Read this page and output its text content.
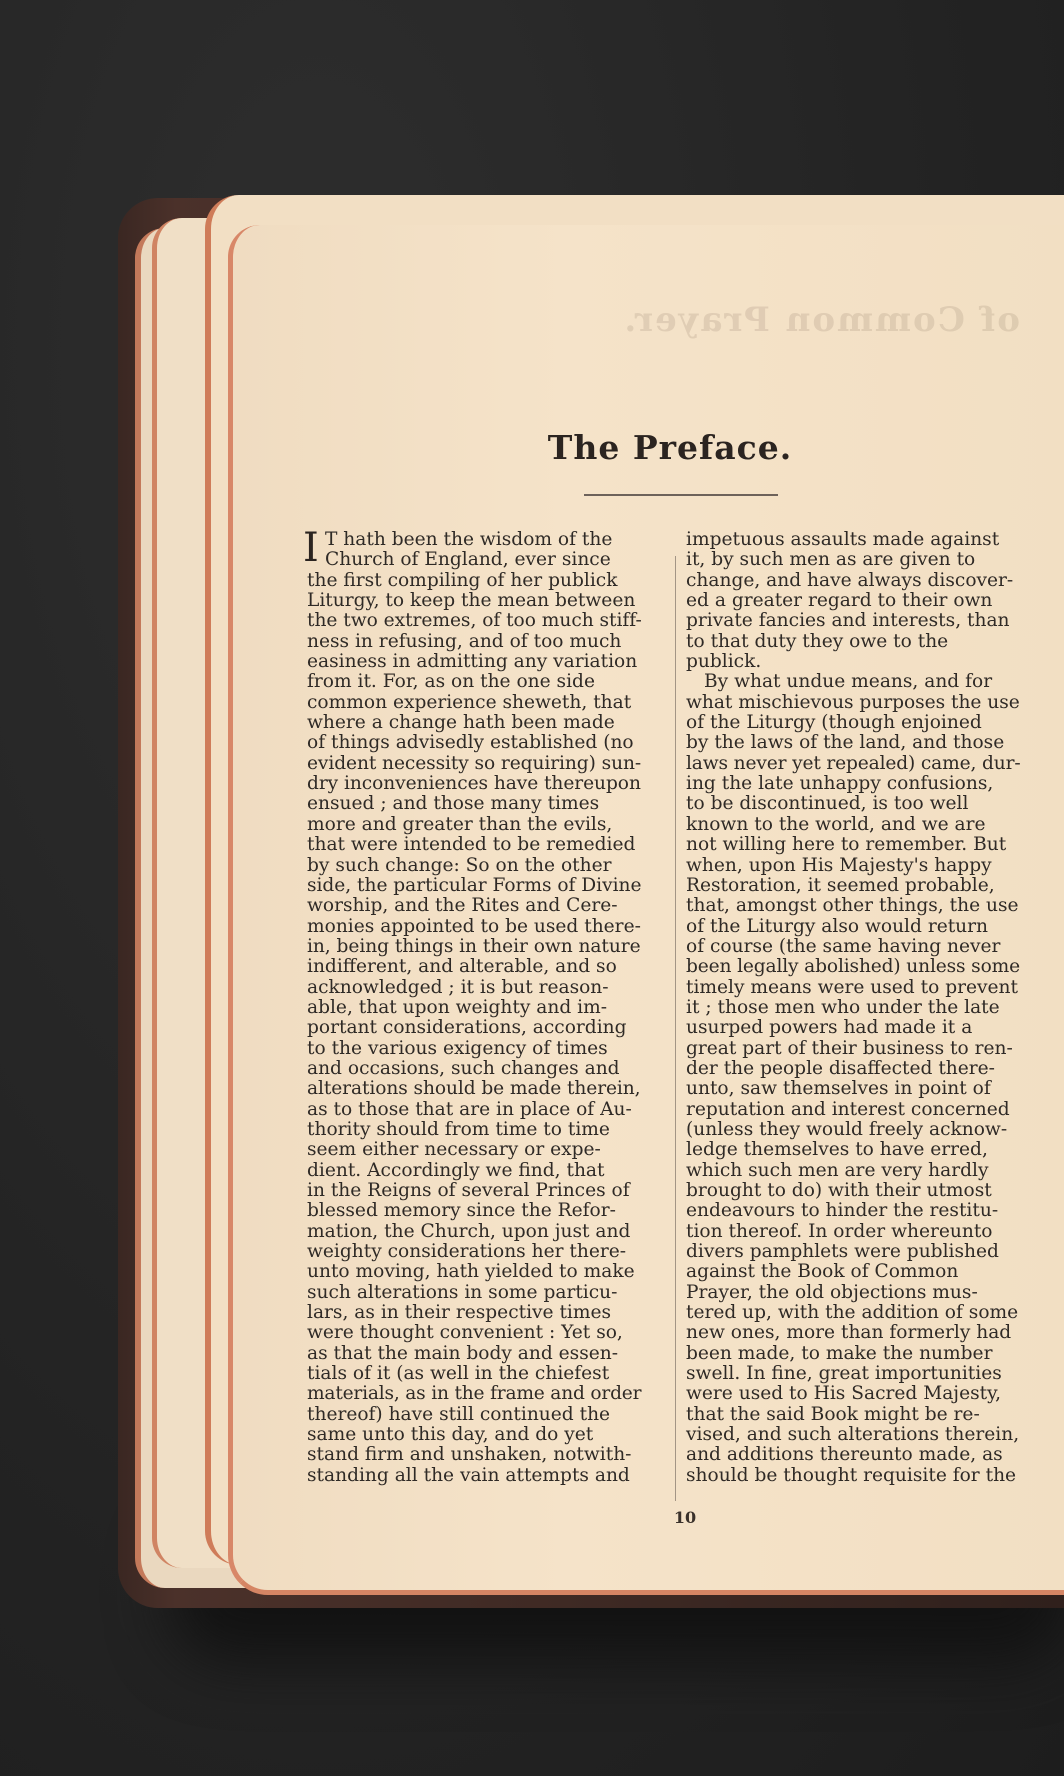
of Common Prayer.
The Preface.
I T hath been the wisdom of the
Church of England, ever since
the first compiling of her publick
Liturgy, to keep the mean between
the two extremes, of too much stiff-
ness in refusing, and of too much
easiness in admitting any variation
from it. For, as on the one side
common experience sheweth, that
where a change hath been made
of things advisedly established (no
evident necessity so requiring) sun-
dry inconveniences have thereupon
ensued ; and those many times
more and greater than the evils,
that were intended to be remedied
by such change: So on the other
side, the particular Forms of Divine
worship, and the Rites and Cere-
monies appointed to be used there-
in, being things in their own nature
indifferent, and alterable, and so
acknowledged ; it is but reason-
able, that upon weighty and im-
portant considerations, according
to the various exigency of times
and occasions, such changes and
alterations should be made therein,
as to those that are in place of Au-
thority should from time to time
seem either necessary or expe-
dient. Accordingly we find, that
in the Reigns of several Princes of
blessed memory since the Refor-
mation, the Church, upon just and
weighty considerations her there-
unto moving, hath yielded to make
such alterations in some particu-
lars, as in their respective times
were thought convenient : Yet so,
as that the main body and essen-
tials of it (as well in the chiefest
materials, as in the frame and order
thereof) have still continued the
same unto this day, and do yet
stand firm and unshaken, notwith-
standing all the vain attempts and
impetuous assaults made against
it, by such men as are given to
change, and have always discover-
ed a greater regard to their own
private fancies and interests, than
to that duty they owe to the
publick.
By what undue means, and for
what mischievous purposes the use
of the Liturgy (though enjoined
by the laws of the land, and those
laws never yet repealed) came, dur-
ing the late unhappy confusions,
to be discontinued, is too well
known to the world, and we are
not willing here to remember. But
when, upon His Majesty's happy
Restoration, it seemed probable,
that, amongst other things, the use
of the Liturgy also would return
of course (the same having never
been legally abolished) unless some
timely means were used to prevent
it ; those men who under the late
usurped powers had made it a
great part of their business to ren-
der the people disaffected there-
unto, saw themselves in point of
reputation and interest concerned
(unless they would freely acknow-
ledge themselves to have erred,
which such men are very hardly
brought to do) with their utmost
endeavours to hinder the restitu-
tion thereof. In order whereunto
divers pamphlets were published
against the Book of Common
Prayer, the old objections mus-
tered up, with the addition of some
new ones, more than formerly had
been made, to make the number
swell. In fine, great importunities
were used to His Sacred Majesty,
that the said Book might be re-
vised, and such alterations therein,
and additions thereunto made, as
should be thought requisite for the
10
